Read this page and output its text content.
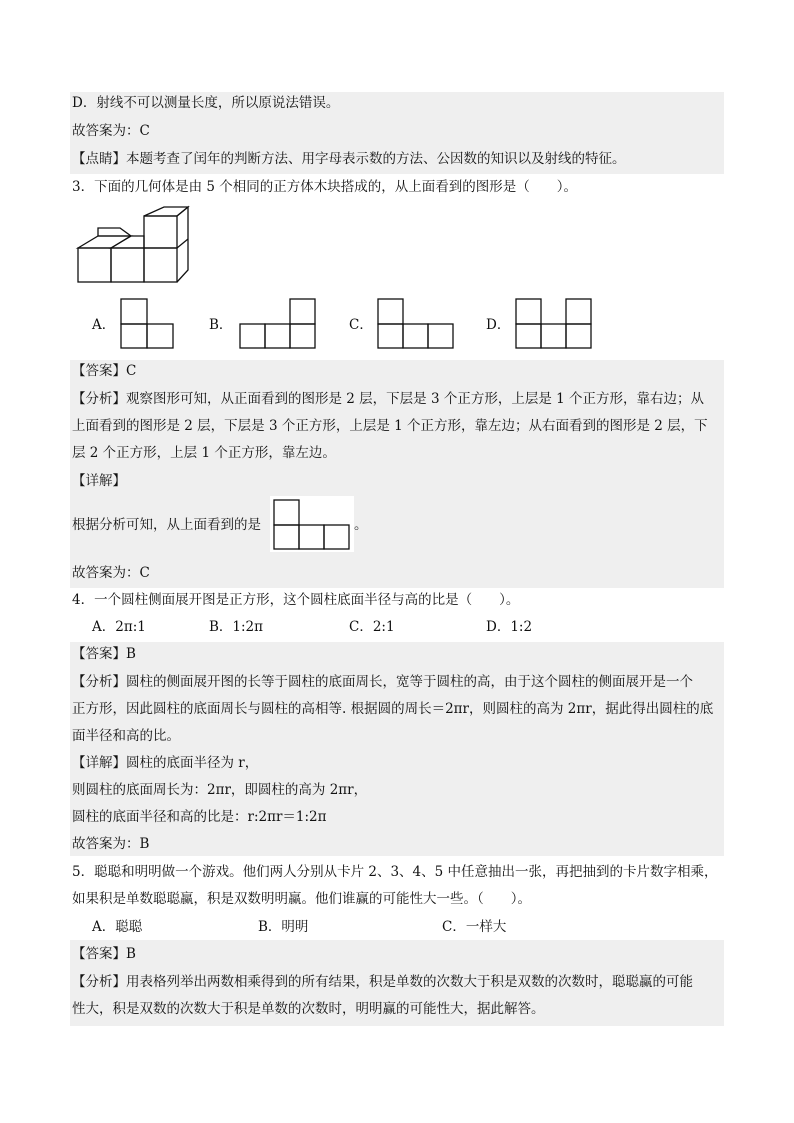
D．射线不可以测量长度，所以原说法错误。
故答案为：C
【点睛】本题考查了闰年的判断方法、用字母表示数的方法、公因数的知识以及射线的特征。
3．下面的几何体是由 5 个相同的正方体木块搭成的，从上面看到的图形是（　　）。
A．	B．	C．	D．
【答案】C
【分析】观察图形可知，从正面看到的图形是 2 层，下层是 3 个正方形，上层是 1 个正方形，靠右边；从
上面看到的图形是 2 层，下层是 3 个正方形，上层是 1 个正方形，靠左边；从右面看到的图形是 2 层，下
层 2 个正方形，上层 1 个正方形，靠左边。
【详解】
根据分析可知，从上面看到的是	。
故答案为：C
4．一个圆柱侧面展开图是正方形，这个圆柱底面半径与高的比是（　　）。
A．2π:1	B．1:2π	C．2:1	D．1:2
【答案】B
【分析】圆柱的侧面展开图的长等于圆柱的底面周长，宽等于圆柱的高，由于这个圆柱的侧面展开是一个
正方形，因此圆柱的底面周长与圆柱的高相等. 根据圆的周长＝2πr，则圆柱的高为 2πr，据此得出圆柱的底
面半径和高的比。
【详解】圆柱的底面半径为 r，
则圆柱的底面周长为：2πr，即圆柱的高为 2πr，
圆柱的底面半径和高的比是：r:2πr＝1:2π
故答案为：B
5．聪聪和明明做一个游戏。他们两人分别从卡片 2、3、4、5 中任意抽出一张，再把抽到的卡片数字相乘，
如果积是单数聪聪赢，积是双数明明赢。他们谁赢的可能性大一些。（　　）。
A．聪聪	B．明明	C．一样大
【答案】B
【分析】用表格列举出两数相乘得到的所有结果，积是单数的次数大于积是双数的次数时，聪聪赢的可能
性大，积是双数的次数大于积是单数的次数时，明明赢的可能性大，据此解答。
